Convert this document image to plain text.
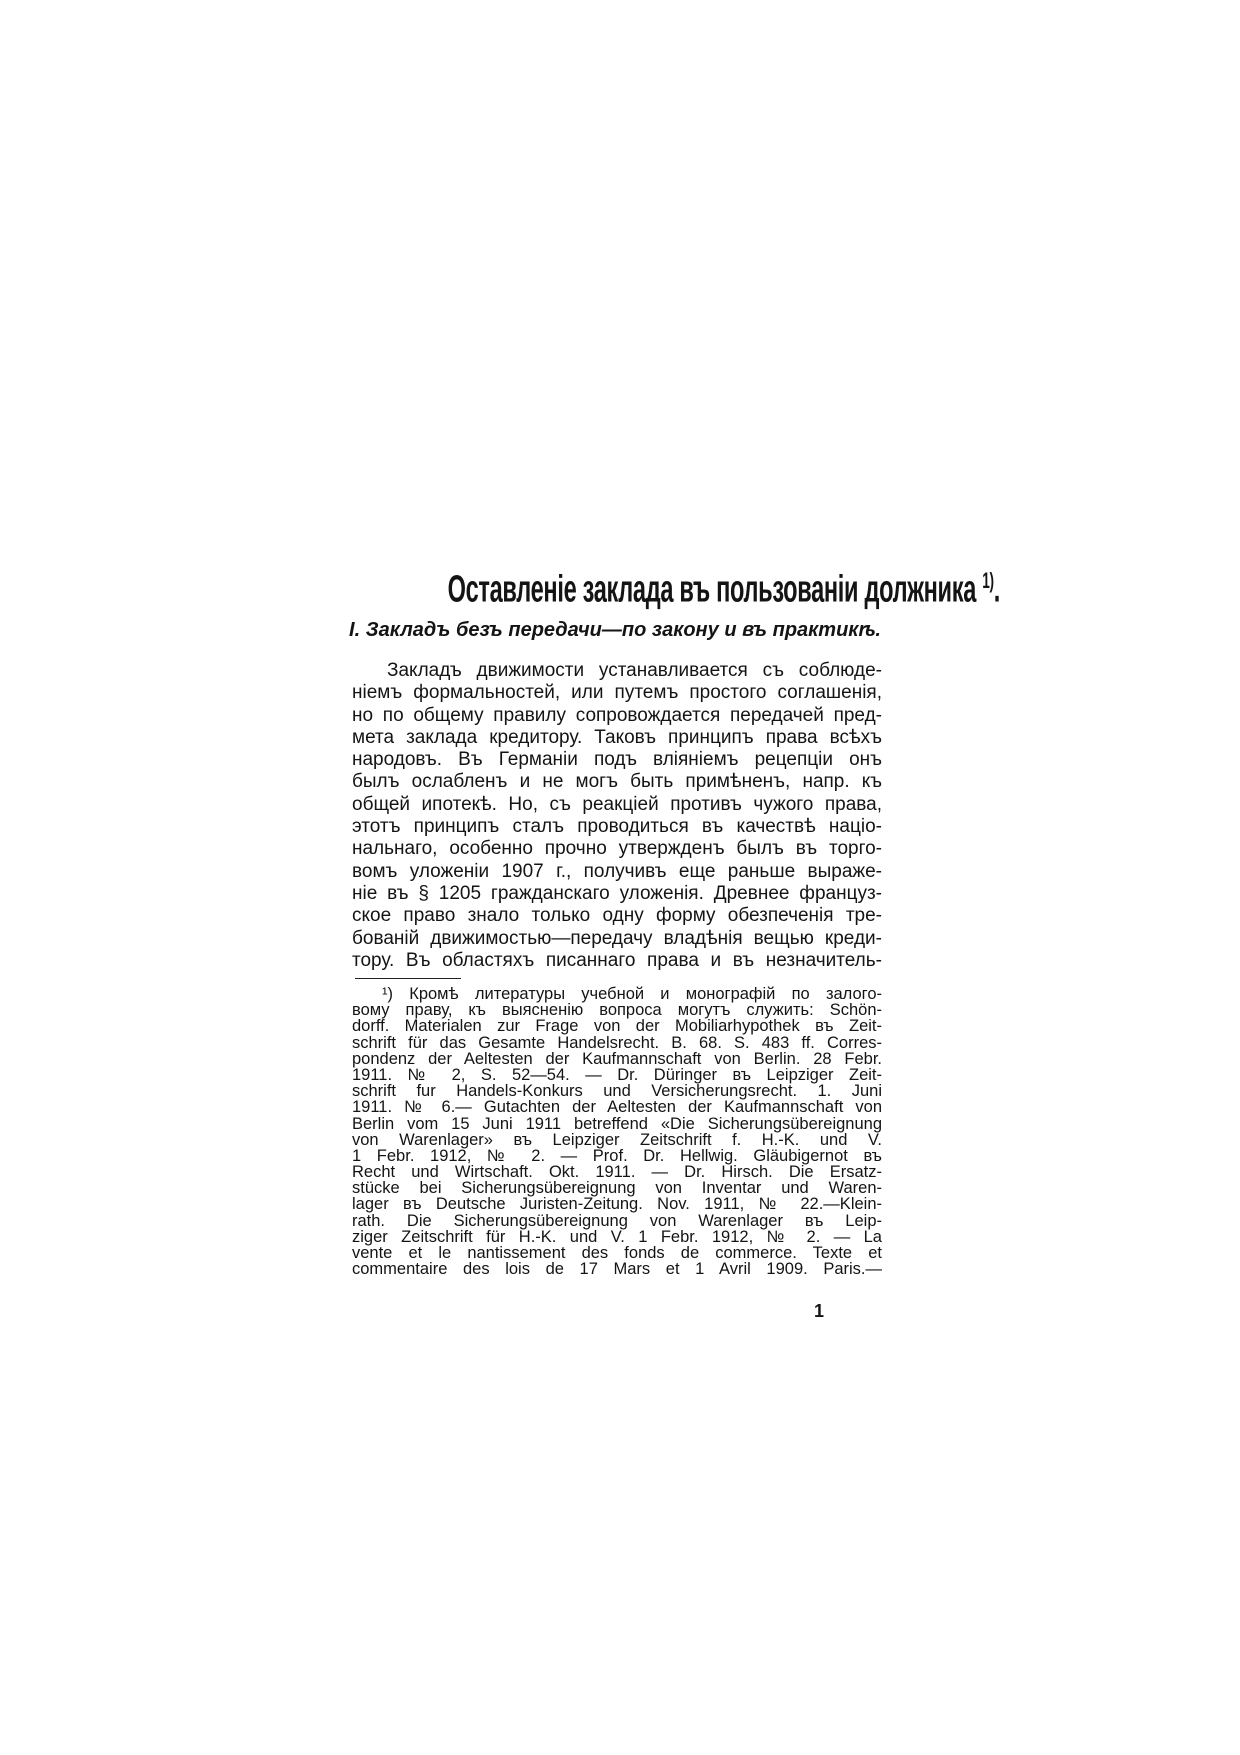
Оставленіе заклада въ пользованіи должника $^{1)}$.
I. Закладъ безъ передачи—по закону и въ практикѣ.
Закладъ движимости устанавливается съ соблюде-
ніемъ формальностей, или путемъ простого соглашенія,
но по общему правилу сопровождается передачей пред-
мета заклада кредитору. Таковъ принципъ права всѣхъ
народовъ. Въ Германіи подъ вліяніемъ рецепціи онъ
былъ ослабленъ и не могъ быть примѣненъ, напр. къ
общей ипотекѣ. Но, съ реакціей противъ чужого права,
этотъ принципъ сталъ проводиться въ качествѣ націо-
нальнаго, особенно прочно утвержденъ былъ въ торго-
вомъ уложеніи 1907 г., получивъ еще раньше выраже-
ніе въ § 1205 гражданскаго уложенія. Древнее француз-
ское право знало только одну форму обезпеченія тре-
бованій движимостью—передачу владѣнія вещью креди-
тору. Въ областяхъ писаннаго права и въ незначитель-
¹) Кромѣ литературы учебной и монографій по залого-
вому праву, къ выясненію вопроса могутъ служить: Schön-
dorff. Materialen zur Frage von der Mobiliarhypothek въ Zeit-
schrift für das Gesamte Handelsrecht. B. 68. S. 483 ff. Corres-
pondenz der Aeltesten der Kaufmannschaft von Berlin. 28 Febr.
1911. № 2, S. 52—54. — Dr. Düringer въ Leipziger Zeit-
schrift fur Handels-Konkurs und Versicherungsrecht. 1. Juni
1911. № 6.— Gutachten der Aeltesten der Kaufmannschaft von
Berlin vom 15 Juni 1911 betreffend «Die Sicherungsübereignung
von Warenlager» въ Leipziger Zeitschrift f. H.-K. und V.
1 Febr. 1912, № 2. — Prof. Dr. Hellwig. Gläubigernot въ
Recht und Wirtschaft. Okt. 1911. — Dr. Hirsch. Die Ersatz-
stücke bei Sicherungsübereignung von Inventar und Waren-
lager въ Deutsche Juristen-Zeitung. Nov. 1911, № 22.—Klein-
rath. Die Sicherungsübereignung von Warenlager въ Leip-
ziger Zeitschrift für H.-K. und V. 1 Febr. 1912, № 2. — La
vente et le nantissement des fonds de commerce. Texte et
commentaire des lois de 17 Mars et 1 Avril 1909. Paris.—
1
